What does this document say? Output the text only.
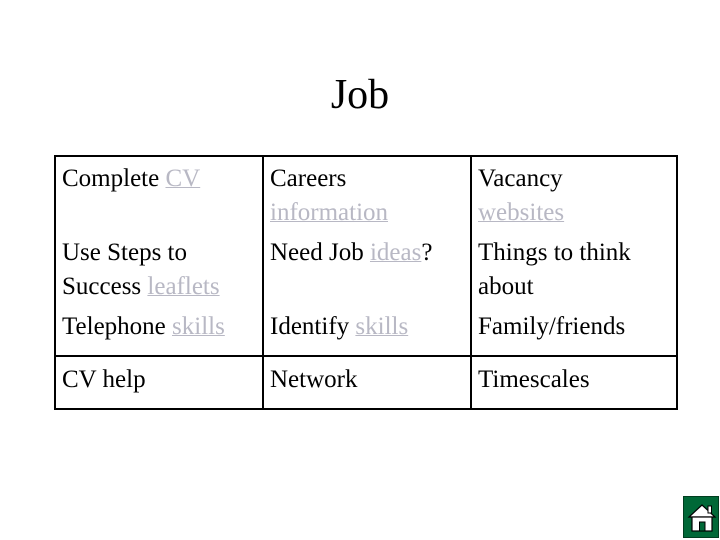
Job
Complete CV
Use Steps to
Success leaflets
Telephone skills
CV help
Careers
information
Need Job ideas?
Identify skills
Network
Vacancy
websites
Things to think
about
Family/friends
Timescales
